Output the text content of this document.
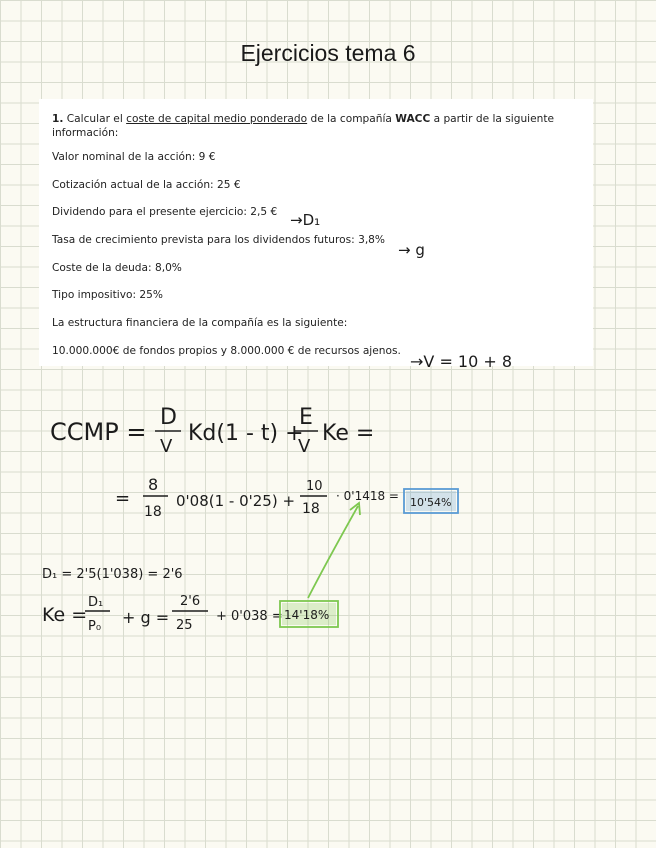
Ejercicios tema 6

1. Calcular el coste de capital medio ponderado de la compañía WACC a partir de la siguiente información:

Valor nominal de la acción: 9 €

Cotización actual de la acción: 25 €

Dividendo para el presente ejercicio: 2,5 €

Tasa de crecimiento prevista para los dividendos futuros: 3,8%

Coste de la deuda: 8,0%

Tipo impositivo: 25%

La estructura financiera de la compañía es la siguiente:

10.000.000€ de fondos propios y 8.000.000 € de recursos ajenos.

→D₁
→ g
→V = 10 + 8
CCMP =
D
V
Kd(1 - t) +
E
V
Ke =
=
8
18
0'08(1 - 0'25) +
10
18
· 0'1418 = 10'54%
D₁ = 2'5(1'038) = 2'6
Ke =
D₁
P₀ + g =
2'6
25
+ 0'038 = 14'18%
